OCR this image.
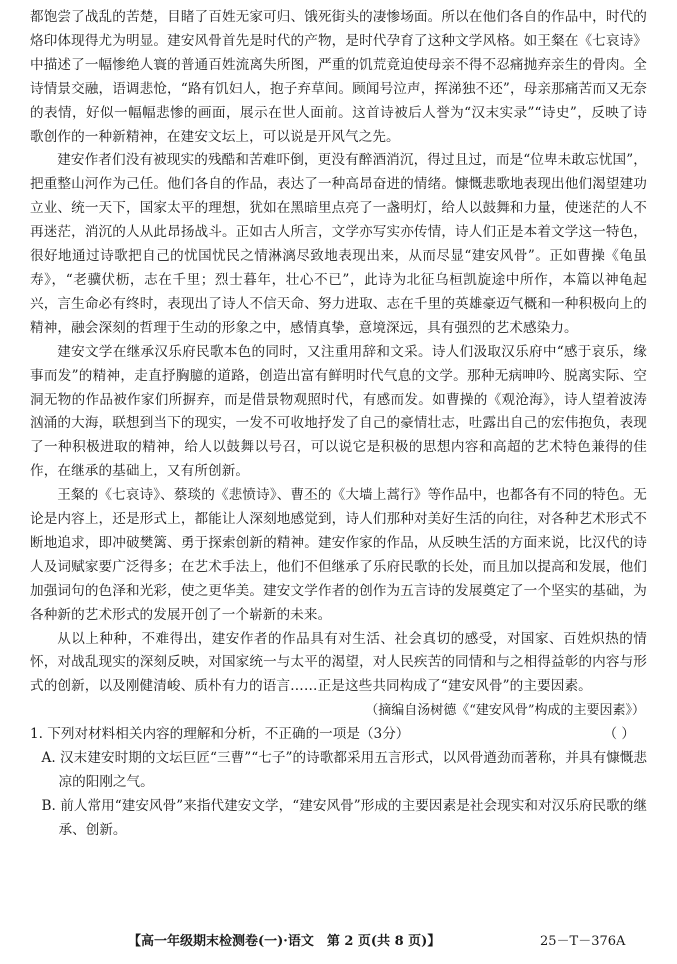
都饱尝了战乱的苦楚，目睹了百姓无家可归、饿死街头的凄惨场面。所以在他们各自的作品中，时代的烙印体现得尤为明显。建安风骨首先是时代的产物，是时代孕育了这种文学风格。如王粲在《七哀诗》中描述了一幅惨绝人寰的普通百姓流离失所图，严重的饥荒竟迫使母亲不得不忍痛抛弃亲生的骨肉。全诗情景交融，语调悲怆，“路有饥妇人，抱子弃草间。顾闻号泣声，挥涕独不还”，母亲那痛苦而又无奈的表情，好似一幅幅悲惨的画面，展示在世人面前。这首诗被后人誉为“汉末实录”“诗史”，反映了诗歌创作的一种新精神，在建安文坛上，可以说是开风气之先。

建安作者们没有被现实的残酷和苦难吓倒，更没有醉酒消沉，得过且过，而是“位卑未敢忘忧国”，把重整山河作为己任。他们各自的作品，表达了一种高昂奋进的情绪。慷慨悲歌地表现出他们渴望建功立业、统一天下，国家太平的理想，犹如在黑暗里点亮了一盏明灯，给人以鼓舞和力量，使迷茫的人不再迷茫，消沉的人从此昂扬战斗。正如古人所言，文学亦写实亦传情，诗人们正是本着文学这一特色，很好地通过诗歌把自己的忧国忧民之情淋漓尽致地表现出来，从而尽显“建安风骨”。正如曹操《龟虽寿》，“老骥伏枥，志在千里；烈士暮年，壮心不已”，此诗为北征乌桓凯旋途中所作，本篇以神龟起兴，言生命必有终时，表现出了诗人不信天命、努力进取、志在千里的英雄豪迈气概和一种积极向上的精神，融会深刻的哲理于生动的形象之中，感情真挚，意境深远，具有强烈的艺术感染力。

建安文学在继承汉乐府民歌本色的同时，又注重用辞和文采。诗人们汲取汉乐府中“感于哀乐，缘事而发”的精神，走直抒胸臆的道路，创造出富有鲜明时代气息的文学。那种无病呻吟、脱离实际、空洞无物的作品被作家们所摒弃，而是借景物观照时代，有感而发。如曹操的《观沧海》，诗人望着波涛汹涌的大海，联想到当下的现实，一发不可收地抒发了自己的豪情壮志，吐露出自己的宏伟抱负，表现了一种积极进取的精神，给人以鼓舞以号召，可以说它是积极的思想内容和高超的艺术特色兼得的佳作，在继承的基础上，又有所创新。

王粲的《七哀诗》、蔡琰的《悲愤诗》、曹丕的《大墙上蒿行》等作品中，也都各有不同的特色。无论是内容上，还是形式上，都能让人深刻地感觉到，诗人们那种对美好生活的向往，对各种艺术形式不断地追求，即冲破樊篱、勇于探索创新的精神。建安作家的作品，从反映生活的方面来说，比汉代的诗人及词赋家要广泛得多；在艺术手法上，他们不但继承了乐府民歌的长处，而且加以提高和发展，他们加强词句的色泽和光彩，使之更华美。建安文学作者的创作为五言诗的发展奠定了一个坚实的基础，为各种新的艺术形式的发展开创了一个崭新的未来。

从以上种种，不难得出，建安作者的作品具有对生活、社会真切的感受，对国家、百姓炽热的情怀，对战乱现实的深刻反映，对国家统一与太平的渴望，对人民疾苦的同情和与之相得益彰的内容与形式的创新，以及刚健清峻、质朴有力的语言……正是这些共同构成了“建安风骨”的主要因素。

（摘编自汤树德《“建安风骨”构成的主要因素》）

1. 下列对材料相关内容的理解和分析，不正确的一项是（3分）	（ ）

A. 汉末建安时期的文坛巨匠“三曹”“七子”的诗歌都采用五言形式，以风骨遒劲而著称，并具有慷慨悲凉的阳刚之气。

B. 前人常用“建安风骨”来指代建安文学，“建安风骨”形成的主要因素是社会现实和对汉乐府民歌的继承、创新。

【高一年级期末检测卷(一)·语文　第 2 页(共 8 页)】	25－T－376A
